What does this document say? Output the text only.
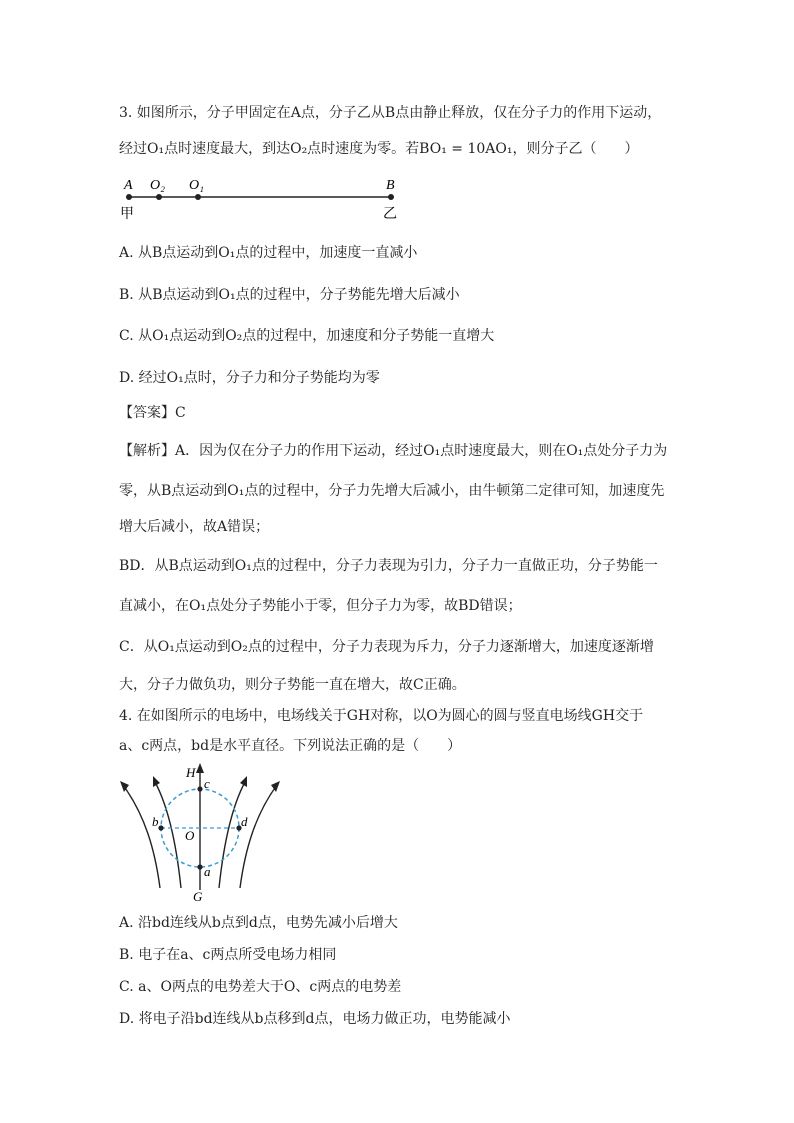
3. 如图所示，分子甲固定在A点，分子乙从B点由静止释放，仅在分子力的作用下运动，
经过O₁点时速度最大，到达O₂点时速度为零。若BO₁ = 10AO₁，则分子乙（　　）
A O₂ O₁	B
甲	乙
A. 从B点运动到O₁点的过程中，加速度一直减小
B. 从B点运动到O₁点的过程中，分子势能先增大后减小
C. 从O₁点运动到O₂点的过程中，加速度和分子势能一直增大
D. 经过O₁点时，分子力和分子势能均为零
【答案】C
【解析】A．因为仅在分子力的作用下运动，经过O₁点时速度最大，则在O₁点处分子力为
零，从B点运动到O₁点的过程中，分子力先增大后减小，由牛顿第二定律可知，加速度先
增大后减小，故A错误；
BD．从B点运动到O₁点的过程中，分子力表现为引力，分子力一直做正功，分子势能一
直减小，在O₁点处分子势能小于零，但分子力为零，故BD错误；
C．从O₁点运动到O₂点的过程中，分子力表现为斥力，分子力逐渐增大，加速度逐渐增
大，分子力做负功，则分子势能一直在增大，故C正确。
4. 在如图所示的电场中，电场线关于GH对称，以O为圆心的圆与竖直电场线GH交于
a、c两点，bd是水平直径。下列说法正确的是（　　）
H
c
b	d
O
a
G
A. 沿bd连线从b点到d点，电势先减小后增大
B. 电子在a、c两点所受电场力相同
C. a、O两点的电势差大于O、c两点的电势差
D. 将电子沿bd连线从b点移到d点，电场力做正功，电势能减小
